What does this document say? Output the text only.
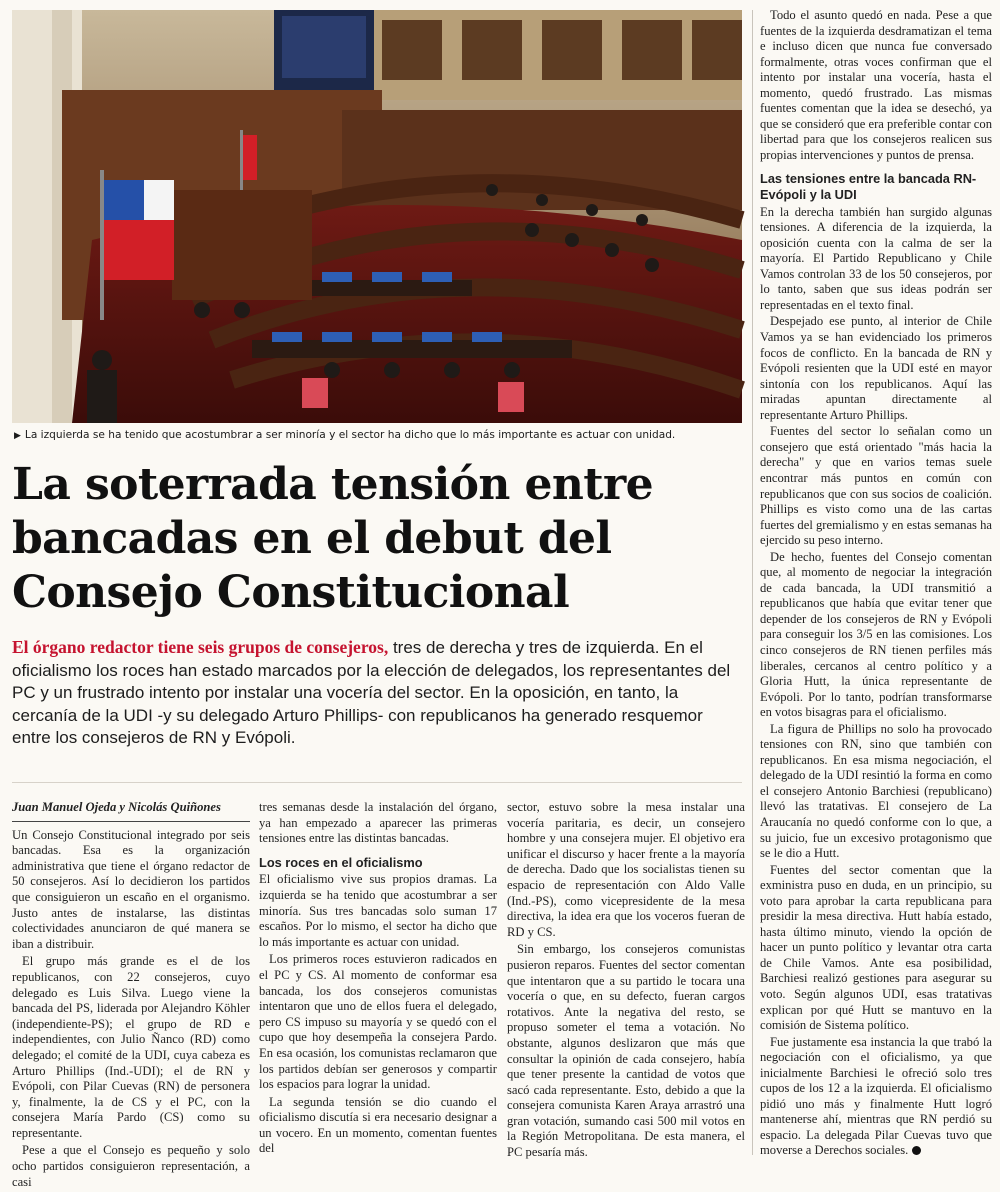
▶ La izquierda se ha tenido que acostumbrar a ser minoría y el sector ha dicho que lo más importante es actuar con unidad.
La soterrada tensión entre bancadas en el debut del Consejo Constitucional
El órgano redactor tiene seis grupos de consejeros, tres de derecha y tres de izquierda. En el oficialismo los roces han estado marcados por la elección de delegados, los representantes del PC y un frustrado intento por instalar una vocería del sector. En la oposición, en tanto, la cercanía de la UDI -y su delegado Arturo Phillips- con republicanos ha generado resquemor entre los consejeros de RN y Evópoli.
Juan Manuel Ojeda y Nicolás Quiñones

Un Consejo Constitucional integrado por seis bancadas. Esa es la organización administrativa que tiene el órgano redactor de 50 consejeros. Así lo decidieron los partidos que consiguieron un escaño en el organismo. Justo antes de instalarse, las distintas colectividades anunciaron de qué manera se iban a distribuir.

El grupo más grande es el de los republicanos, con 22 consejeros, cuyo delegado es Luis Silva. Luego viene la bancada del PS, liderada por Alejandro Köhler (independiente-PS); el grupo de RD e independientes, con Julio Ñanco (RD) como delegado; el comité de la UDI, cuya cabeza es Arturo Phillips (Ind.-UDI); el de RN y Evópoli, con Pilar Cuevas (RN) de personera y, finalmente, la de CS y el PC, con la consejera María Pardo (CS) como su representante.

Pese a que el Consejo es pequeño y solo ocho partidos consiguieron representación, a casi

tres semanas desde la instalación del órgano, ya han empezado a aparecer las primeras tensiones entre las distintas bancadas.

Los roces en el oficialismo

El oficialismo vive sus propios dramas. La izquierda se ha tenido que acostumbrar a ser minoría. Sus tres bancadas solo suman 17 escaños. Por lo mismo, el sector ha dicho que lo más importante es actuar con unidad.

Los primeros roces estuvieron radicados en el PC y CS. Al momento de conformar esa bancada, los dos consejeros comunistas intentaron que uno de ellos fuera el delegado, pero CS impuso su mayoría y se quedó con el cupo que hoy desempeña la consejera Pardo. En esa ocasión, los comunistas reclamaron que los partidos debían ser generosos y compartir los espacios para lograr la unidad.

La segunda tensión se dio cuando el oficialismo discutía si era necesario designar a un vocero. En un momento, comentan fuentes del

sector, estuvo sobre la mesa instalar una vocería paritaria, es decir, un consejero hombre y una consejera mujer. El objetivo era unificar el discurso y hacer frente a la mayoría de derecha. Dado que los socialistas tienen su espacio de representación con Aldo Valle (Ind.-PS), como vicepresidente de la mesa directiva, la idea era que los voceros fueran de RD y CS.

Sin embargo, los consejeros comunistas pusieron reparos. Fuentes del sector comentan que intentaron que a su partido le tocara una vocería o que, en su defecto, fueran cargos rotativos. Ante la negativa del resto, se propuso someter el tema a votación. No obstante, algunos deslizaron que más que consultar la opinión de cada consejero, había que tener presente la cantidad de votos que sacó cada representante. Esto, debido a que la consejera comunista Karen Araya arrastró una gran votación, sumando casi 500 mil votos en la Región Metropolitana. De esta manera, el PC pesaría más.

Todo el asunto quedó en nada. Pese a que fuentes de la izquierda desdramatizan el tema e incluso dicen que nunca fue conversado formalmente, otras voces confirman que el intento por instalar una vocería, hasta el momento, quedó frustrado. Las mismas fuentes comentan que la idea se desechó, ya que se consideró que era preferible contar con libertad para que los consejeros realicen sus propias intervenciones y puntos de prensa.

Las tensiones entre la bancada RN-Evópoli y la UDI

En la derecha también han surgido algunas tensiones. A diferencia de la izquierda, la oposición cuenta con la calma de ser la mayoría. El Partido Republicano y Chile Vamos controlan 33 de los 50 consejeros, por lo tanto, saben que sus ideas podrán ser representadas en el texto final.

Despejado ese punto, al interior de Chile Vamos ya se han evidenciado los primeros focos de conflicto. En la bancada de RN y Evópoli resienten que la UDI esté en mayor sintonía con los republicanos. Aquí las miradas apuntan directamente al representante Arturo Phillips.

Fuentes del sector lo señalan como un consejero que está orientado "más hacia la derecha" y que en varios temas suele encontrar más puntos en común con republicanos que con sus socios de coalición. Phillips es visto como una de las cartas fuertes del gremialismo y en estas semanas ha ejercido su peso interno.

De hecho, fuentes del Consejo comentan que, al momento de negociar la integración de cada bancada, la UDI transmitió a republicanos que había que evitar tener que depender de los consejeros de RN y Evópoli para conseguir los 3/5 en las comisiones. Los cinco consejeros de RN tienen perfiles más liberales, cercanos al centro político y a Gloria Hutt, la única representante de Evópoli. Por lo tanto, podrían transformarse en votos bisagras para el oficialismo.

La figura de Phillips no solo ha provocado tensiones con RN, sino que también con republicanos. En esa misma negociación, el delegado de la UDI resintió la forma en como el consejero Antonio Barchiesi (republicano) llevó las tratativas. El consejero de La Araucanía no quedó conforme con lo que, a su juicio, fue un excesivo protagonismo que se le dio a Hutt.

Fuentes del sector comentan que la exministra puso en duda, en un principio, su voto para aprobar la carta republicana para presidir la mesa directiva. Hutt había estado, hasta último minuto, viendo la opción de hacer un punto político y levantar otra carta de Chile Vamos. Ante esa posibilidad, Barchiesi realizó gestiones para asegurar su voto. Según algunos UDI, esas tratativas explican por qué Hutt se mantuvo en la comisión de Sistema político.

Fue justamente esa instancia la que trabó la negociación con el oficialismo, ya que inicialmente Barchiesi le ofreció solo tres cupos de los 12 a la izquierda. El oficialismo pidió uno más y finalmente Hutt logró mantenerse ahí, mientras que RN perdió su espacio. La delegada Pilar Cuevas tuvo que moverse a Derechos sociales.
